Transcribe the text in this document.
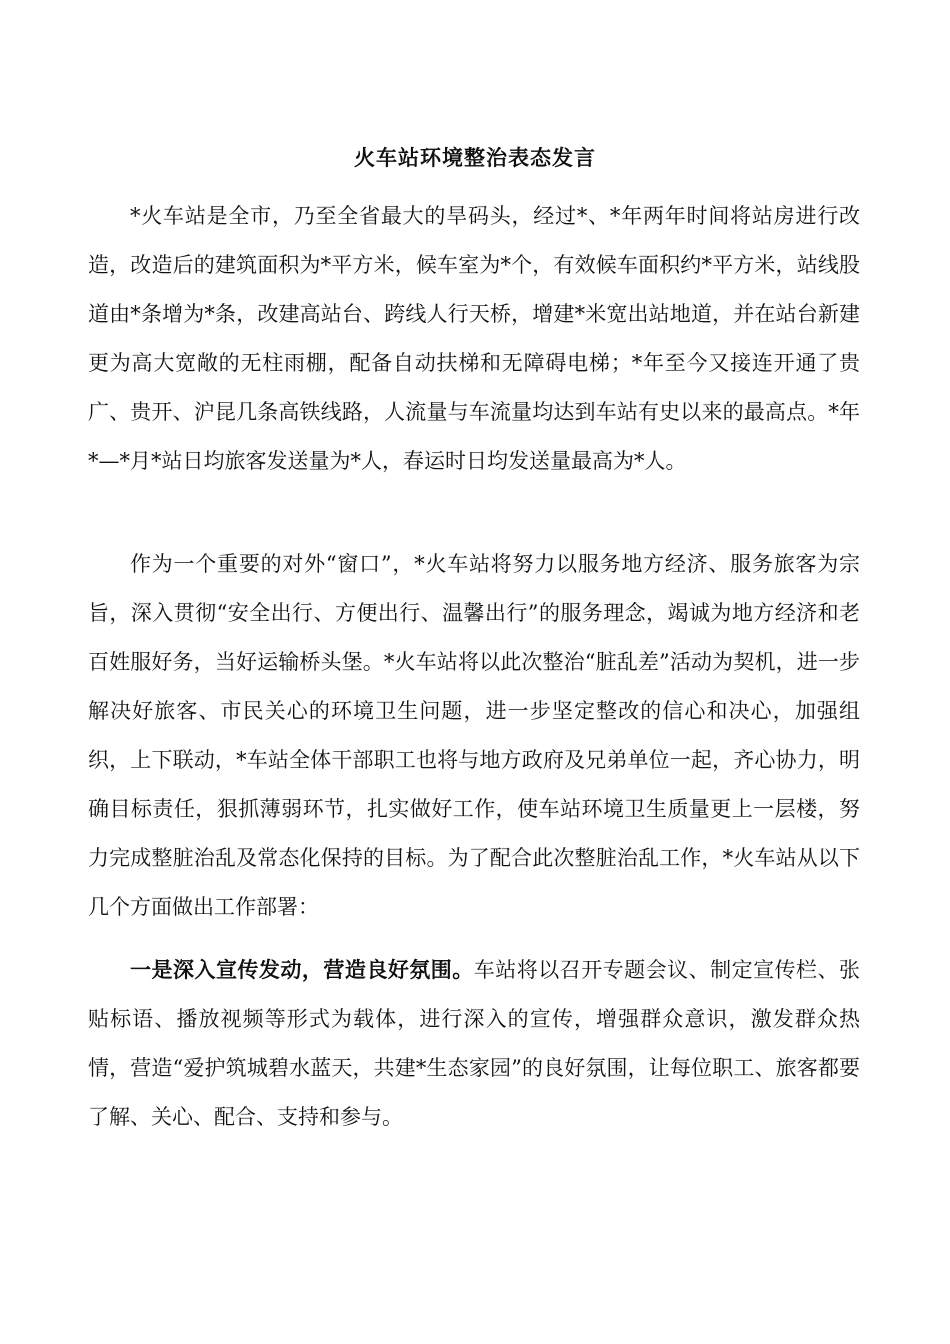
火车站环境整治表态发言

*火车站是全市，乃至全省最大的旱码头，经过*、*年两年时间将站房进行改造，改造后的建筑面积为*平方米，候车室为*个，有效候车面积约*平方米，站线股道由*条增为*条，改建高站台、跨线人行天桥，增建*米宽出站地道，并在站台新建更为高大宽敞的无柱雨棚，配备自动扶梯和无障碍电梯；*年至今又接连开通了贵广、贵开、沪昆几条高铁线路，人流量与车流量均达到车站有史以来的最高点。*年*—*月*站日均旅客发送量为*人，春运时日均发送量最高为*人。

作为一个重要的对外“窗口”，*火车站将努力以服务地方经济、服务旅客为宗旨，深入贯彻“安全出行、方便出行、温馨出行”的服务理念，竭诚为地方经济和老百姓服好务，当好运输桥头堡。*火车站将以此次整治“脏乱差”活动为契机，进一步解决好旅客、市民关心的环境卫生问题，进一步坚定整改的信心和决心，加强组织，上下联动，*车站全体干部职工也将与地方政府及兄弟单位一起，齐心协力，明确目标责任，狠抓薄弱环节，扎实做好工作，使车站环境卫生质量更上一层楼，努力完成整脏治乱及常态化保持的目标。为了配合此次整脏治乱工作，*火车站从以下几个方面做出工作部署：

一是深入宣传发动，营造良好氛围。车站将以召开专题会议、制定宣传栏、张贴标语、播放视频等形式为载体，进行深入的宣传，增强群众意识，激发群众热情，营造“爱护筑城碧水蓝天，共建*生态家园”的良好氛围，让每位职工、旅客都要了解、关心、配合、支持和参与。
